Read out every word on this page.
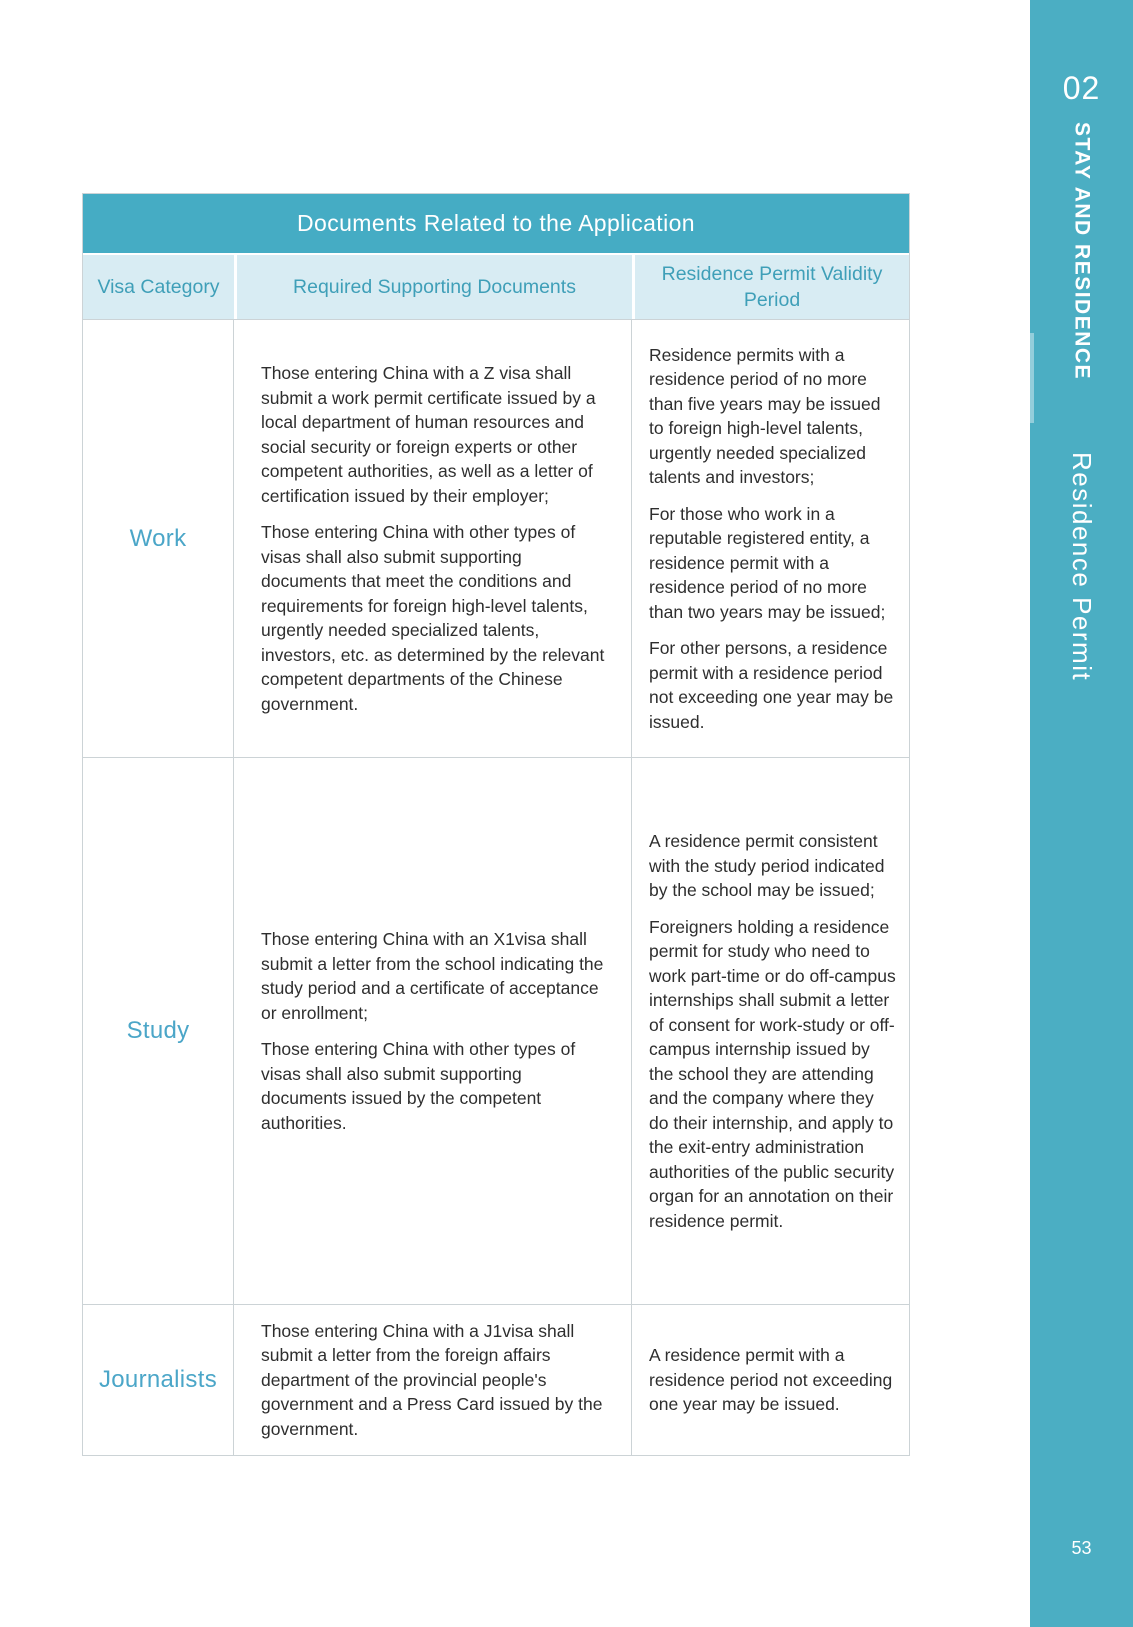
Documents Related to the Application
Visa Category	Required Supporting Documents
Residence Permit Validity Period
Work

Those entering China with a Z visa shall submit a work permit certificate issued by a local department of human resources and social security or foreign experts or other competent authorities, as well as a letter of certification issued by their employer;

Those entering China with other types of visas shall also submit supporting documents that meet the conditions and requirements for foreign high-level talents, urgently needed specialized talents, investors, etc. as determined by the relevant competent departments of the Chinese government.

Residence permits with a residence period of no more than five years may be issued to foreign high-level talents, urgently needed specialized talents and investors;

For those who work in a reputable registered entity, a residence permit with a residence period of no more than two years may be issued;

For other persons, a residence permit with a residence period not exceeding one year may be issued.

Study

Those entering China with an X1visa shall submit a letter from the school indicating the study period and a certificate of acceptance or enrollment;

Those entering China with other types of visas shall also submit supporting documents issued by the competent authorities.

A residence permit consistent with the study period indicated by the school may be issued;

Foreigners holding a residence permit for study who need to work part-time or do off-campus internships shall submit a letter of consent for work-study or off-campus internship issued by the school they are attending and the company where they do their internship, and apply to the exit-entry administration authorities of the public security organ for an annotation on their residence permit.

Journalists

Those entering China with a J1visa shall submit a letter from the foreign affairs department of the provincial people's government and a Press Card issued by the government.

A residence permit with a residence period not exceeding one year may be issued.

02
STAY AND RESIDENCE
Residence Permit
53
